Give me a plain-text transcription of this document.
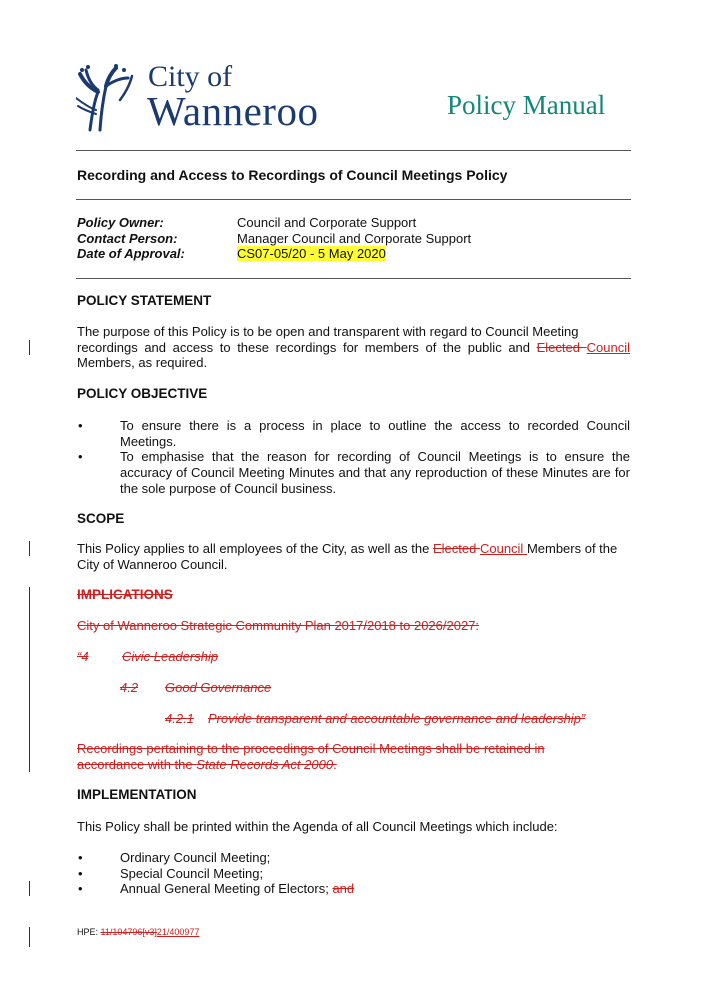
City of
Wanneroo	Policy Manual
Recording and Access to Recordings of Council Meetings Policy
Policy Owner:	Council and Corporate Support
Contact Person:	Manager Council and Corporate Support
Date of Approval:	CS07-05/20 - 5 May 2020
POLICY STATEMENT
The purpose of this Policy is to be open and transparent with regard to Council Meeting
recordings and access to these recordings for members of the public and Elected Council
Members, as required.
POLICY OBJECTIVE
•	To ensure there is a process in place to outline the access to recorded Council Meetings.
•	To emphasise that the reason for recording of Council Meetings is to ensure the accuracy of Council Meeting Minutes and that any reproduction of these Minutes are for the sole purpose of Council business.
SCOPE
This Policy applies to all employees of the City, as well as the Elected Council Members of the
City of Wanneroo Council.
IMPLICATIONS
City of Wanneroo Strategic Community Plan 2017/2018 to 2026/2027:
“4	Civic Leadership
4.2 Good Governance
4.2.1 Provide transparent and accountable governance and leadership”
Recordings pertaining to the proceedings of Council Meetings shall be retained in
accordance with the State Records Act 2000.
IMPLEMENTATION
This Policy shall be printed within the Agenda of all Council Meetings which include:
•	Ordinary Council Meeting;
•	Special Council Meeting;
•	Annual General Meeting of Electors; and
HPE: 11/104796[v3]21/400977
